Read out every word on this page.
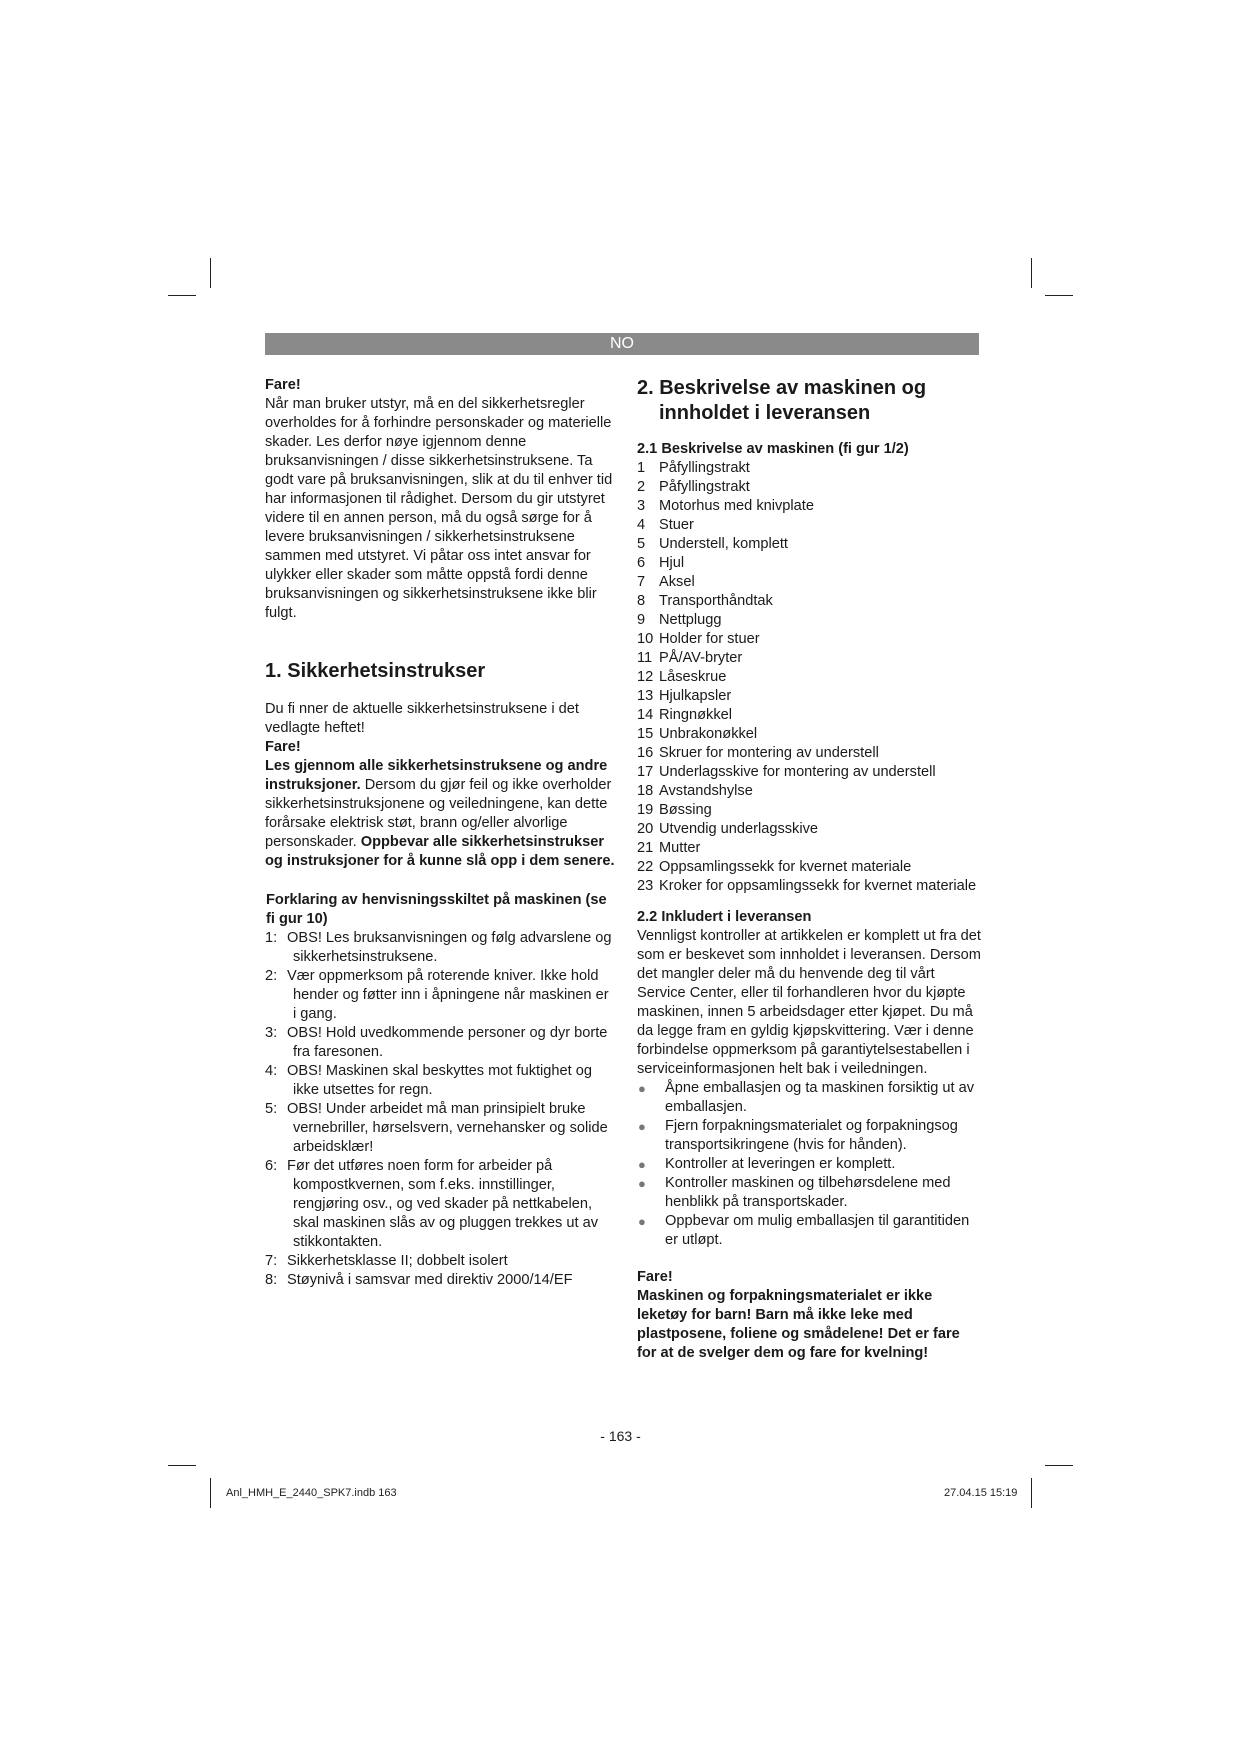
NO

Fare!

Når man bruker utstyr, må en del sikkerhetsregler overholdes for å forhindre personskader og materielle skader. Les derfor nøye igjennom denne bruksanvisningen / disse sikkerhetsinstruksene. Ta godt vare på bruksanvisningen, slik at du til enhver tid har informasjonen til rådighet. Dersom du gir utstyret videre til en annen person, må du også sørge for å levere bruksanvisningen / sikkerhetsinstruksene sammen med utstyret. Vi påtar oss intet ansvar for ulykker eller skader som måtte oppstå fordi denne bruksanvisningen og sikkerhetsinstruksene ikke blir fulgt.

1. Sikkerhetsinstrukser

Du fi nner de aktuelle sikkerhetsinstruksene i det vedlagte heftet!

Fare!

Les gjennom alle sikkerhetsinstruksene og andre instruksjoner. Dersom du gjør feil og ikke overholder sikkerhetsinstruksjonene og veiledningene, kan dette forårsake elektrisk støt, brann og/eller alvorlige personskader. Oppbevar alle sikkerhetsinstrukser og instruksjoner for å kunne slå opp i dem senere.

Forklaring av henvisningsskiltet på maskinen (se fi gur 10)

1: OBS! Les bruksanvisningen og følg advarslene og sikkerhetsinstruksene.
2: Vær oppmerksom på roterende kniver. Ikke hold hender og føtter inn i åpningene når maskinen er i gang.
3: OBS! Hold uvedkommende personer og dyr borte fra faresonen.
4: OBS! Maskinen skal beskyttes mot fuktighet og ikke utsettes for regn.
5: OBS! Under arbeidet må man prinsipielt bruke vernebriller, hørselsvern, vernehansker og solide arbeidsklær!
6: Før det utføres noen form for arbeider på kompostkvernen, som f.eks. innstillinger, rengjøring osv., og ved skader på nettkabelen, skal maskinen slås av og pluggen trekkes ut av stikkontakten.
7: Sikkerhetsklasse II; dobbelt isolert
8: Støynivå i samsvar med direktiv 2000/14/EF

2. Beskrivelse av maskinen og
innholdet i leveransen

2.1 Beskrivelse av maskinen (fi gur 1/2)

1 Påfyllingstrakt
2 Påfyllingstrakt
3 Motorhus med knivplate
4 Stuer
5 Understell, komplett
6 Hjul
7 Aksel
8 Transporthåndtak
9 Nettplugg
10 Holder for stuer
11 PÅ/AV-bryter
12 Låseskrue
13 Hjulkapsler
14 Ringnøkkel
15 Unbrakonøkkel
16 Skruer for montering av understell
17 Underlagsskive for montering av understell
18 Avstandshylse
19 Bøssing
20 Utvendig underlagsskive
21 Mutter
22 Oppsamlingssekk for kvernet materiale
23 Kroker for oppsamlingssekk for kvernet materiale

2.2 Inkludert i leveransen

Vennligst kontroller at artikkelen er komplett ut fra det som er beskevet som innholdet i leveransen. Dersom det mangler deler må du henvende deg til vårt Service Center, eller til forhandleren hvor du kjøpte maskinen, innen 5 arbeidsdager etter kjøpet. Du må da legge fram en gyldig kjøpskvittering. Vær i denne forbindelse oppmerksom på garantiytelsestabellen i serviceinformasjonen helt bak i veiledningen.

● Åpne emballasjen og ta maskinen forsiktig ut av emballasjen.
● Fjern forpakningsmaterialet og forpakningsog transportsikringene (hvis for hånden).
● Kontroller at leveringen er komplett.
● Kontroller maskinen og tilbehørsdelene med henblikk på transportskader.
● Oppbevar om mulig emballasjen til garantitiden er utløpt.

Fare!

Maskinen og forpakningsmaterialet er ikke leketøy for barn! Barn må ikke leke med plastposene, foliene og smådelene! Det er fare for at de svelger dem og fare for kvelning!

- 163 -
Anl_HMH_E_2440_SPK7.indb 163	27.04.15 15:19
